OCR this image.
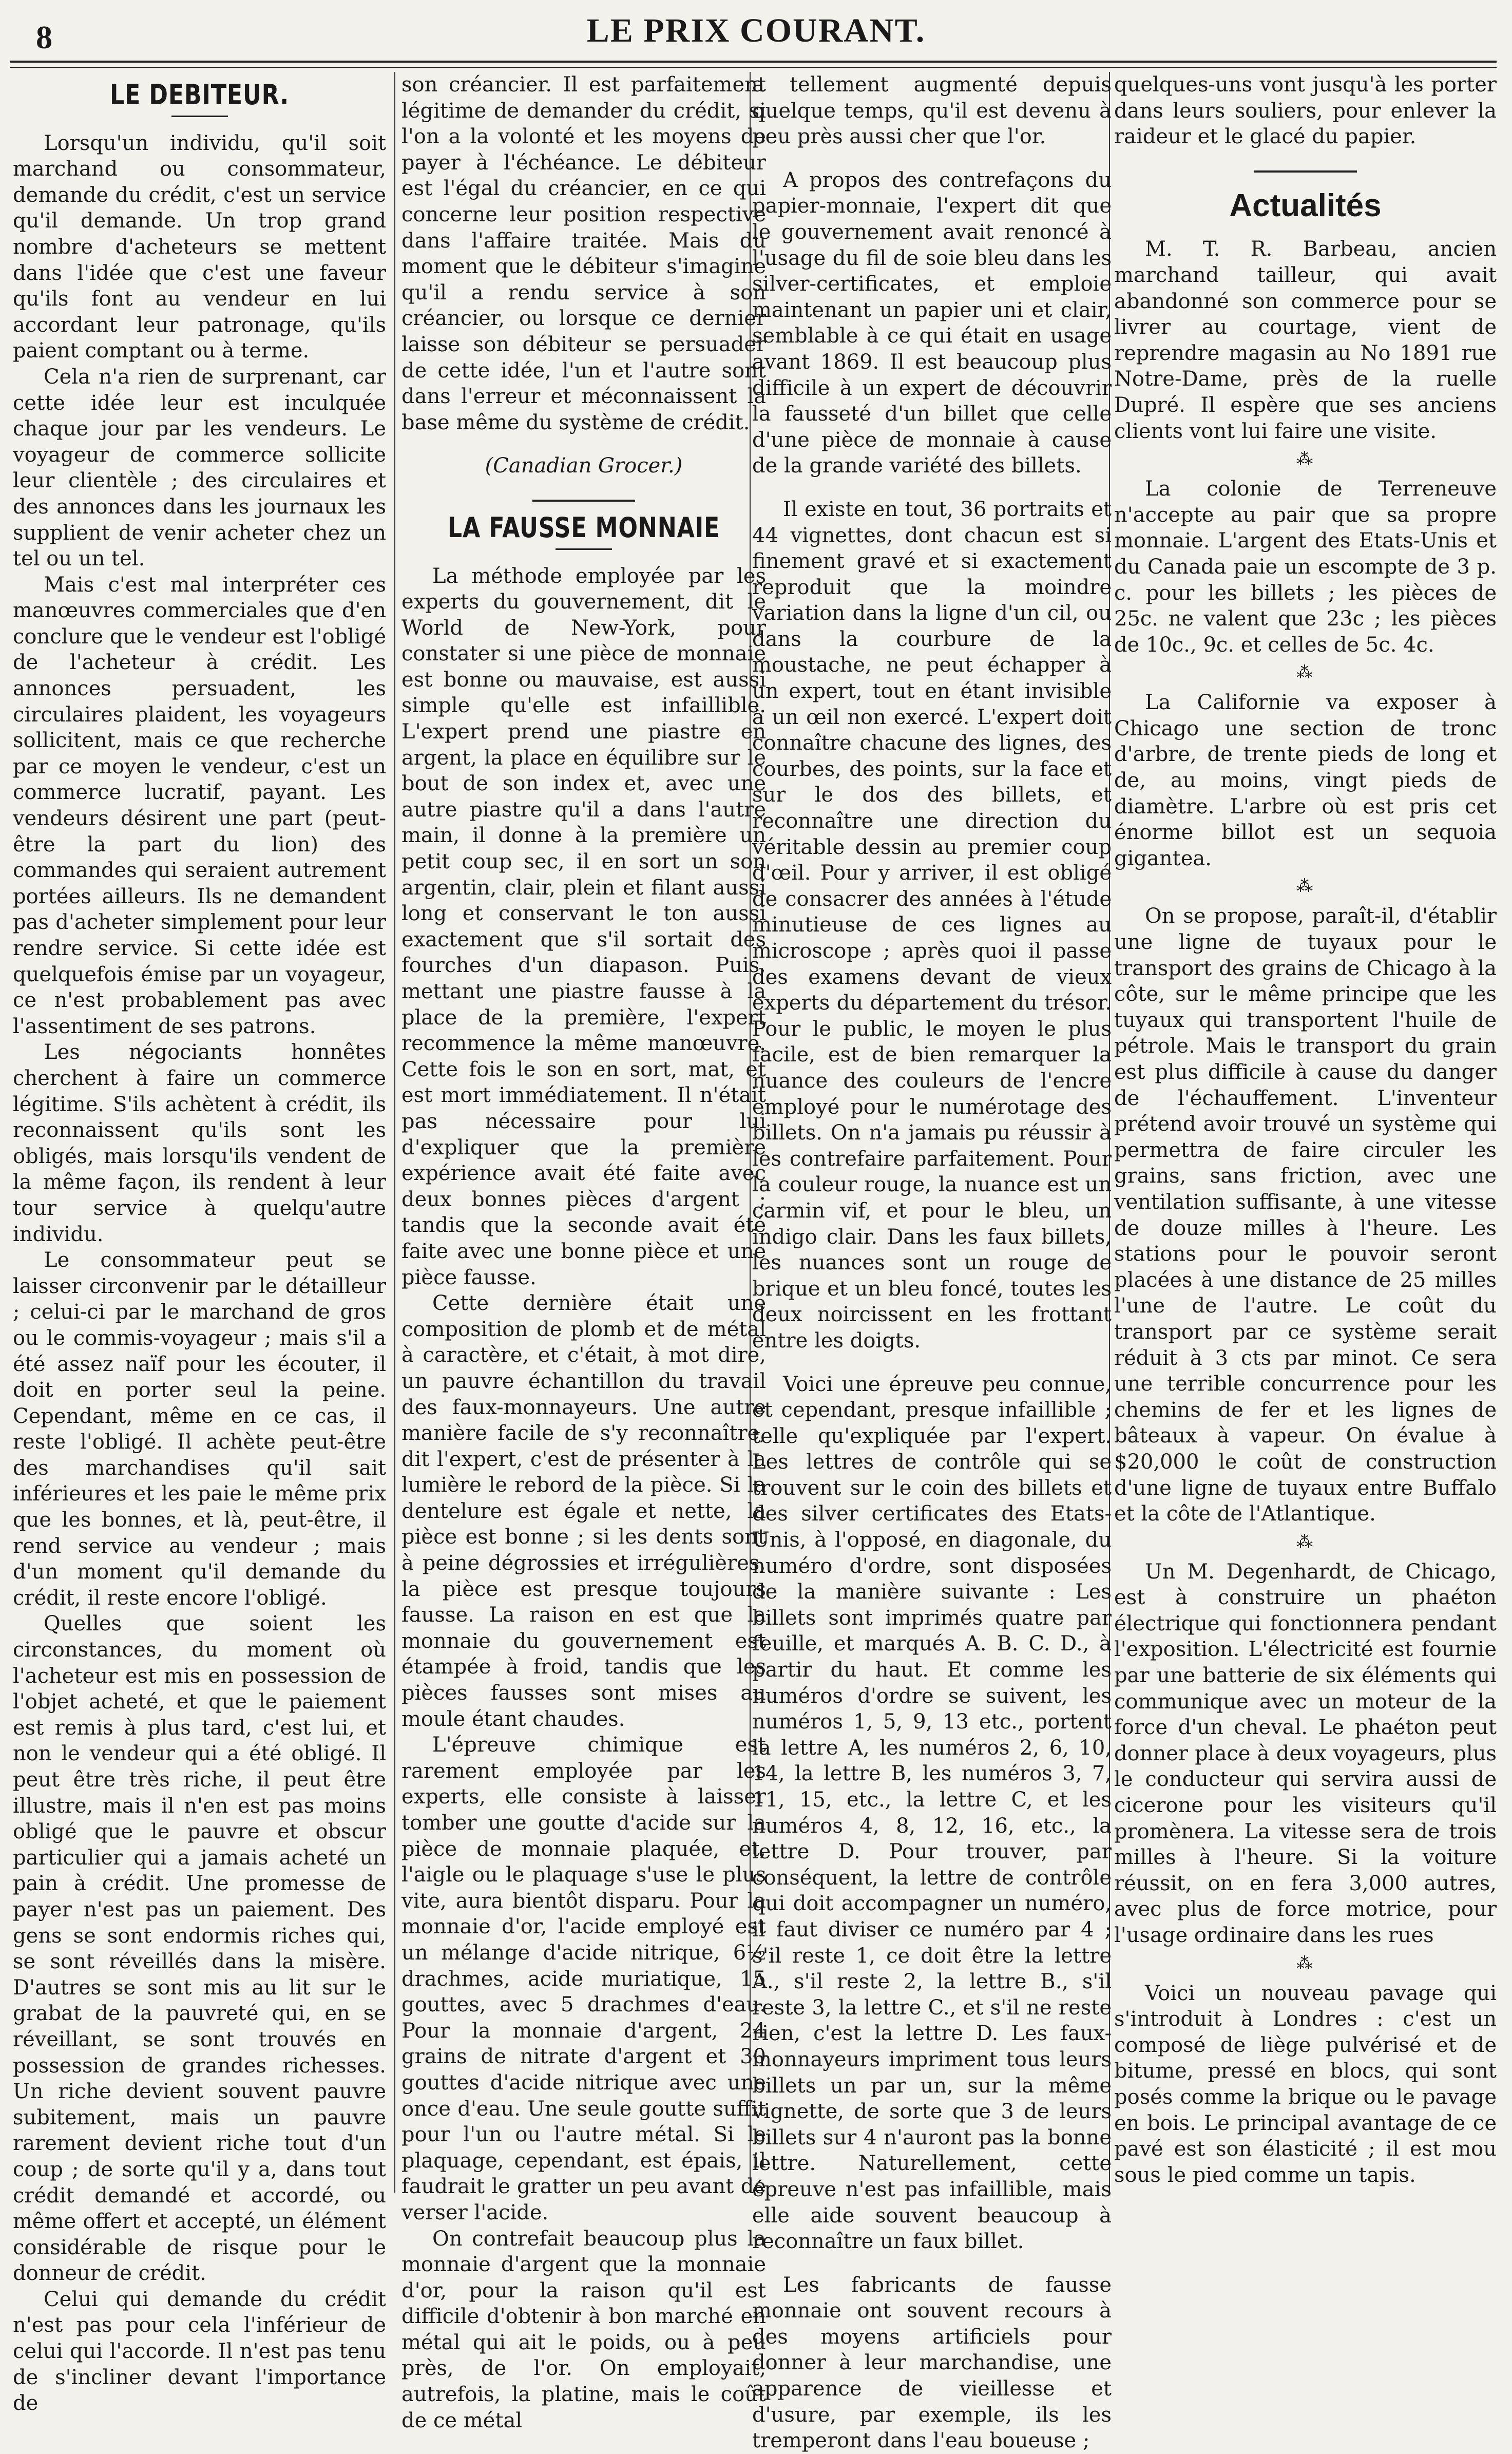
8	LE PRIX COURANT.
LE DEBITEUR.

Lorsqu'un individu, qu'il soit marchand ou consommateur, demande du crédit, c'est un service qu'il demande. Un trop grand nombre d'acheteurs se mettent dans l'idée que c'est une faveur qu'ils font au vendeur en lui accordant leur patronage, qu'ils paient comptant ou à terme.

Cela n'a rien de surprenant, car cette idée leur est inculquée chaque jour par les vendeurs. Le voyageur de commerce sollicite leur clientèle ; des circulaires et des annonces dans les journaux les supplient de venir acheter chez un tel ou un tel.

Mais c'est mal interpréter ces manœuvres commerciales que d'en conclure que le vendeur est l'obligé de l'acheteur à crédit. Les annonces persuadent, les circulaires plaident, les voyageurs sollicitent, mais ce que recherche par ce moyen le vendeur, c'est un commerce lucratif, payant. Les vendeurs désirent une part (peut-être la part du lion) des commandes qui seraient autrement portées ailleurs. Ils ne demandent pas d'acheter simplement pour leur rendre service. Si cette idée est quelquefois émise par un voyageur, ce n'est probablement pas avec l'assentiment de ses patrons.

Les négociants honnêtes cherchent à faire un commerce légitime. S'ils achètent à crédit, ils reconnaissent qu'ils sont les obligés, mais lorsqu'ils vendent de la même façon, ils rendent à leur tour service à quelqu'autre individu.

Le consommateur peut se laisser circonvenir par le détailleur ; celui-ci par le marchand de gros ou le commis-voyageur ; mais s'il a été assez naïf pour les écouter, il doit en porter seul la peine. Cependant, même en ce cas, il reste l'obligé. Il achète peut-être des marchandises qu'il sait inférieures et les paie le même prix que les bonnes, et là, peut-être, il rend service au vendeur ; mais d'un moment qu'il demande du crédit, il reste encore l'obligé.

Quelles que soient les circonstances, du moment où l'acheteur est mis en possession de l'objet acheté, et que le paiement est remis à plus tard, c'est lui, et non le vendeur qui a été obligé. Il peut être très riche, il peut être illustre, mais il n'en est pas moins obligé que le pauvre et obscur particulier qui a jamais acheté un pain à crédit. Une promesse de payer n'est pas un paiement. Des gens se sont endormis riches qui, se sont réveillés dans la misère. D'autres se sont mis au lit sur le grabat de la pauvreté qui, en se réveillant, se sont trouvés en possession de grandes richesses. Un riche devient souvent pauvre subitement, mais un pauvre rarement devient riche tout d'un coup ; de sorte qu'il y a, dans tout crédit demandé et accordé, ou même offert et accepté, un élément considérable de risque pour le donneur de crédit.

Celui qui demande du crédit n'est pas pour cela l'inférieur de celui qui l'accorde. Il n'est pas tenu de s'incliner devant l'importance de

son créancier. Il est parfaitement légitime de demander du crédit, si l'on a la volonté et les moyens de payer à l'échéance. Le débiteur est l'égal du créancier, en ce qui concerne leur position respective dans l'affaire traitée. Mais du moment que le débiteur s'imagine qu'il a rendu service à son créancier, ou lorsque ce dernier laisse son débiteur se persuader de cette idée, l'un et l'autre sont dans l'erreur et méconnaissent la base même du système de crédit.

(Canadian Grocer.)
LA FAUSSE MONNAIE

La méthode employée par les experts du gouvernement, dit le World de New-York, pour constater si une pièce de monnaie est bonne ou mauvaise, est aussi simple qu'elle est infaillible. L'expert prend une piastre en argent, la place en équilibre sur le bout de son index et, avec une autre piastre qu'il a dans l'autre main, il donne à la première un petit coup sec, il en sort un son argentin, clair, plein et filant aussi long et conservant le ton aussi exactement que s'il sortait des fourches d'un diapason. Puis, mettant une piastre fausse à la place de la première, l'expert recommence la même manœuvre. Cette fois le son en sort, mat, et est mort immédiatement. Il n'était pas nécessaire pour lui d'expliquer que la première expérience avait été faite avec deux bonnes pièces d'argent ; tandis que la seconde avait été faite avec une bonne pièce et une pièce fausse.

Cette dernière était une composition de plomb et de métal à caractère, et c'était, à mot dire, un pauvre échantillon du travail des faux-monnayeurs. Une autre manière facile de s'y reconnaître, dit l'expert, c'est de présenter à la lumière le rebord de la pièce. Si la dentelure est égale et nette, la pièce est bonne ; si les dents sont à peine dégrossies et irrégulières, la pièce est presque toujours fausse. La raison en est que la monnaie du gouvernement est étampée à froid, tandis que les pièces fausses sont mises au moule étant chaudes.

L'épreuve chimique est rarement employée par les experts, elle consiste à laisser tomber une goutte d'acide sur la pièce de monnaie plaquée, et, l'aigle ou le plaquage s'use le plus vite, aura bientôt disparu. Pour la monnaie d'or, l'acide employé est un mélange d'acide nitrique, 6½ drachmes, acide muriatique, 15 gouttes, avec 5 drachmes d'eau. Pour la monnaie d'argent, 24 grains de nitrate d'argent et 30 gouttes d'acide nitrique avec une once d'eau. Une seule goutte suffit pour l'un ou l'autre métal. Si le plaquage, cependant, est épais, il faudrait le gratter un peu avant de verser l'acide.

On contrefait beaucoup plus la monnaie d'argent que la monnaie d'or, pour la raison qu'il est difficile d'obtenir à bon marché en métal qui ait le poids, ou à peu près, de l'or. On employait, autrefois, la platine, mais le coût de ce métal

a tellement augmenté depuis quelque temps, qu'il est devenu à peu près aussi cher que l'or.

A propos des contrefaçons du papier-monnaie, l'expert dit que le gouvernement avait renoncé à l'usage du fil de soie bleu dans les silver-certificates, et emploie maintenant un papier uni et clair, semblable à ce qui était en usage avant 1869. Il est beaucoup plus difficile à un expert de découvrir la fausseté d'un billet que celle d'une pièce de monnaie à cause de la grande variété des billets.

Il existe en tout, 36 portraits et 44 vignettes, dont chacun est si finement gravé et si exactement reproduit que la moindre variation dans la ligne d'un cil, ou dans la courbure de la moustache, ne peut échapper à un expert, tout en étant invisible à un œil non exercé. L'expert doit connaître chacune des lignes, des courbes, des points, sur la face et sur le dos des billets, et reconnaître une direction du véritable dessin au premier coup d'œil. Pour y arriver, il est obligé de consacrer des années à l'étude minutieuse de ces lignes au microscope ; après quoi il passe des examens devant de vieux experts du département du trésor. Pour le public, le moyen le plus facile, est de bien remarquer la nuance des couleurs de l'encre employé pour le numérotage des billets. On n'a jamais pu réussir à les contrefaire parfaitement. Pour la couleur rouge, la nuance est un carmin vif, et pour le bleu, un indigo clair. Dans les faux billets, les nuances sont un rouge de brique et un bleu foncé, toutes les deux noircissent en les frottant entre les doigts.

Voici une épreuve peu connue, et cependant, presque infaillible ; telle qu'expliquée par l'expert. Les lettres de contrôle qui se trouvent sur le coin des billets et des silver certificates des Etats-Unis, à l'opposé, en diagonale, du numéro d'ordre, sont disposées de la manière suivante : Les billets sont imprimés quatre par feuille, et marqués A. B. C. D., à partir du haut. Et comme les numéros d'ordre se suivent, les numéros 1, 5, 9, 13 etc., portent la lettre A, les numéros 2, 6, 10, 14, la lettre B, les numéros 3, 7, 11, 15, etc., la lettre C, et les numéros 4, 8, 12, 16, etc., la lettre D. Pour trouver, par conséquent, la lettre de contrôle qui doit accompagner un numéro, il faut diviser ce numéro par 4 ; s'il reste 1, ce doit être la lettre A., s'il reste 2, la lettre B., s'il reste 3, la lettre C., et s'il ne reste rien, c'est la lettre D. Les faux-monnayeurs impriment tous leurs billets un par un, sur la même vignette, de sorte que 3 de leurs billets sur 4 n'auront pas la bonne lettre. Naturellement, cette épreuve n'est pas infaillible, mais elle aide souvent beaucoup à reconnaître un faux billet.

Les fabricants de fausse monnaie ont souvent recours à des moyens artificiels pour donner à leur marchandise, une apparence de vieillesse et d'usure, par exemple, ils les tremperont dans l'eau boueuse ;

quelques-uns vont jusqu'à les porter dans leurs souliers, pour enlever la raideur et le glacé du papier.

Actualités

M. T. R. Barbeau, ancien marchand tailleur, qui avait abandonné son commerce pour se livrer au courtage, vient de reprendre magasin au No 1891 rue Notre-Dame, près de la ruelle Dupré. Il espère que ses anciens clients vont lui faire une visite.

⁂

La colonie de Terreneuve n'accepte au pair que sa propre monnaie. L'argent des Etats-Unis et du Canada paie un escompte de 3 p. c. pour les billets ; les pièces de 25c. ne valent que 23c ; les pièces de 10c., 9c. et celles de 5c. 4c.

⁂

La Californie va exposer à Chicago une section de tronc d'arbre, de trente pieds de long et de, au moins, vingt pieds de diamètre. L'arbre où est pris cet énorme billot est un sequoia gigantea.

⁂

On se propose, paraît-il, d'établir une ligne de tuyaux pour le transport des grains de Chicago à la côte, sur le même principe que les tuyaux qui transportent l'huile de pétrole. Mais le transport du grain est plus difficile à cause du danger de l'échauffement. L'inventeur prétend avoir trouvé un système qui permettra de faire circuler les grains, sans friction, avec une ventilation suffisante, à une vitesse de douze milles à l'heure. Les stations pour le pouvoir seront placées à une distance de 25 milles l'une de l'autre. Le coût du transport par ce système serait réduit à 3 cts par minot. Ce sera une terrible concurrence pour les chemins de fer et les lignes de bâteaux à vapeur. On évalue à $20,000 le coût de construction d'une ligne de tuyaux entre Buffalo et la côte de l'Atlantique.

⁂

Un M. Degenhardt, de Chicago, est à construire un phaéton électrique qui fonctionnera pendant l'exposition. L'électricité est fournie par une batterie de six éléments qui communique avec un moteur de la force d'un cheval. Le phaéton peut donner place à deux voyageurs, plus le conducteur qui servira aussi de cicerone pour les visiteurs qu'il promènera. La vitesse sera de trois milles à l'heure. Si la voiture réussit, on en fera 3,000 autres, avec plus de force motrice, pour l'usage ordinaire dans les rues

⁂

Voici un nouveau pavage qui s'introduit à Londres : c'est un composé de liège pulvérisé et de bitume, pressé en blocs, qui sont posés comme la brique ou le pavage en bois. Le principal avantage de ce pavé est son élasticité ; il est mou sous le pied comme un tapis.
